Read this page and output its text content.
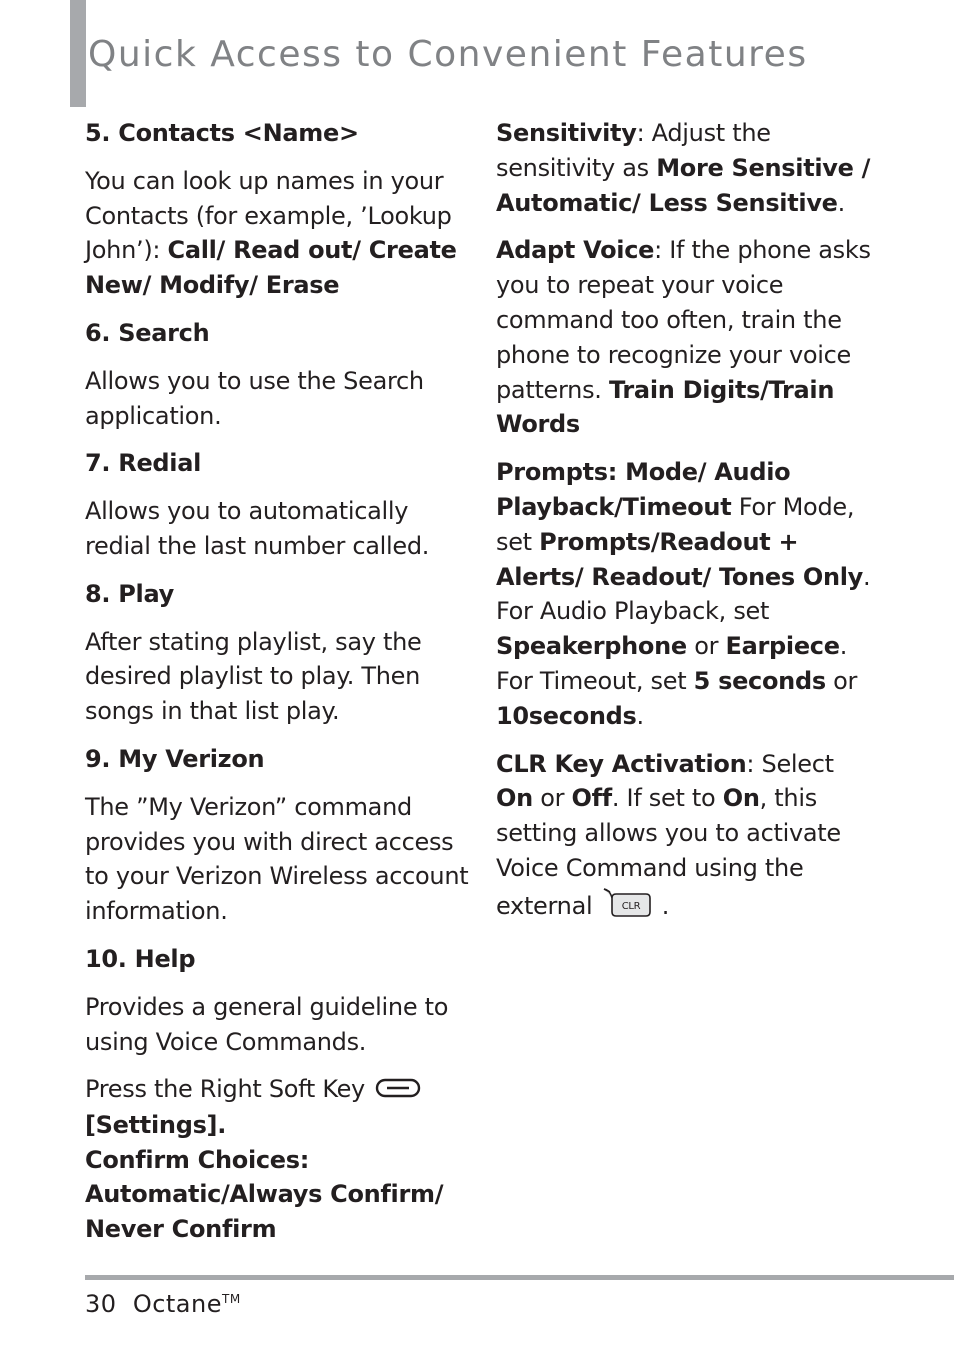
Quick Access to Convenient Features
5. Contacts <Name>

You can look up names in your Contacts (for example, ’Lookup John’): Call/ Read out/ Create New/ Modify/ Erase

6. Search

Allows you to use the Search application.

7. Redial

Allows you to automatically redial the last number called.

8. Play

After stating playlist, say the desired playlist to play. Then songs in that list play.

9. My Verizon

The ”My Verizon” command provides you with direct access to your Verizon Wireless account information.

10. Help

Provides a general guideline to using Voice Commands.

Press the Right Soft Key
[Settings].
Confirm Choices:
Automatic/Always Confirm/ Never Confirm

Sensitivity: Adjust the sensitivity as More Sensitive / Automatic/ Less Sensitive.

Adapt Voice: If the phone asks you to repeat your voice command too often, train the phone to recognize your voice patterns. Train Digits/Train Words

Prompts: Mode/ Audio Playback/Timeout For Mode, set Prompts/Readout + Alerts/ Readout/ Tones Only. For Audio Playback, set Speakerphone or Earpiece. For Timeout, set 5 seconds or 10seconds.

CLR Key Activation: Select On or Off. If set to On, this setting allows you to activate Voice Command using the external	CLR .

30 Octane™
